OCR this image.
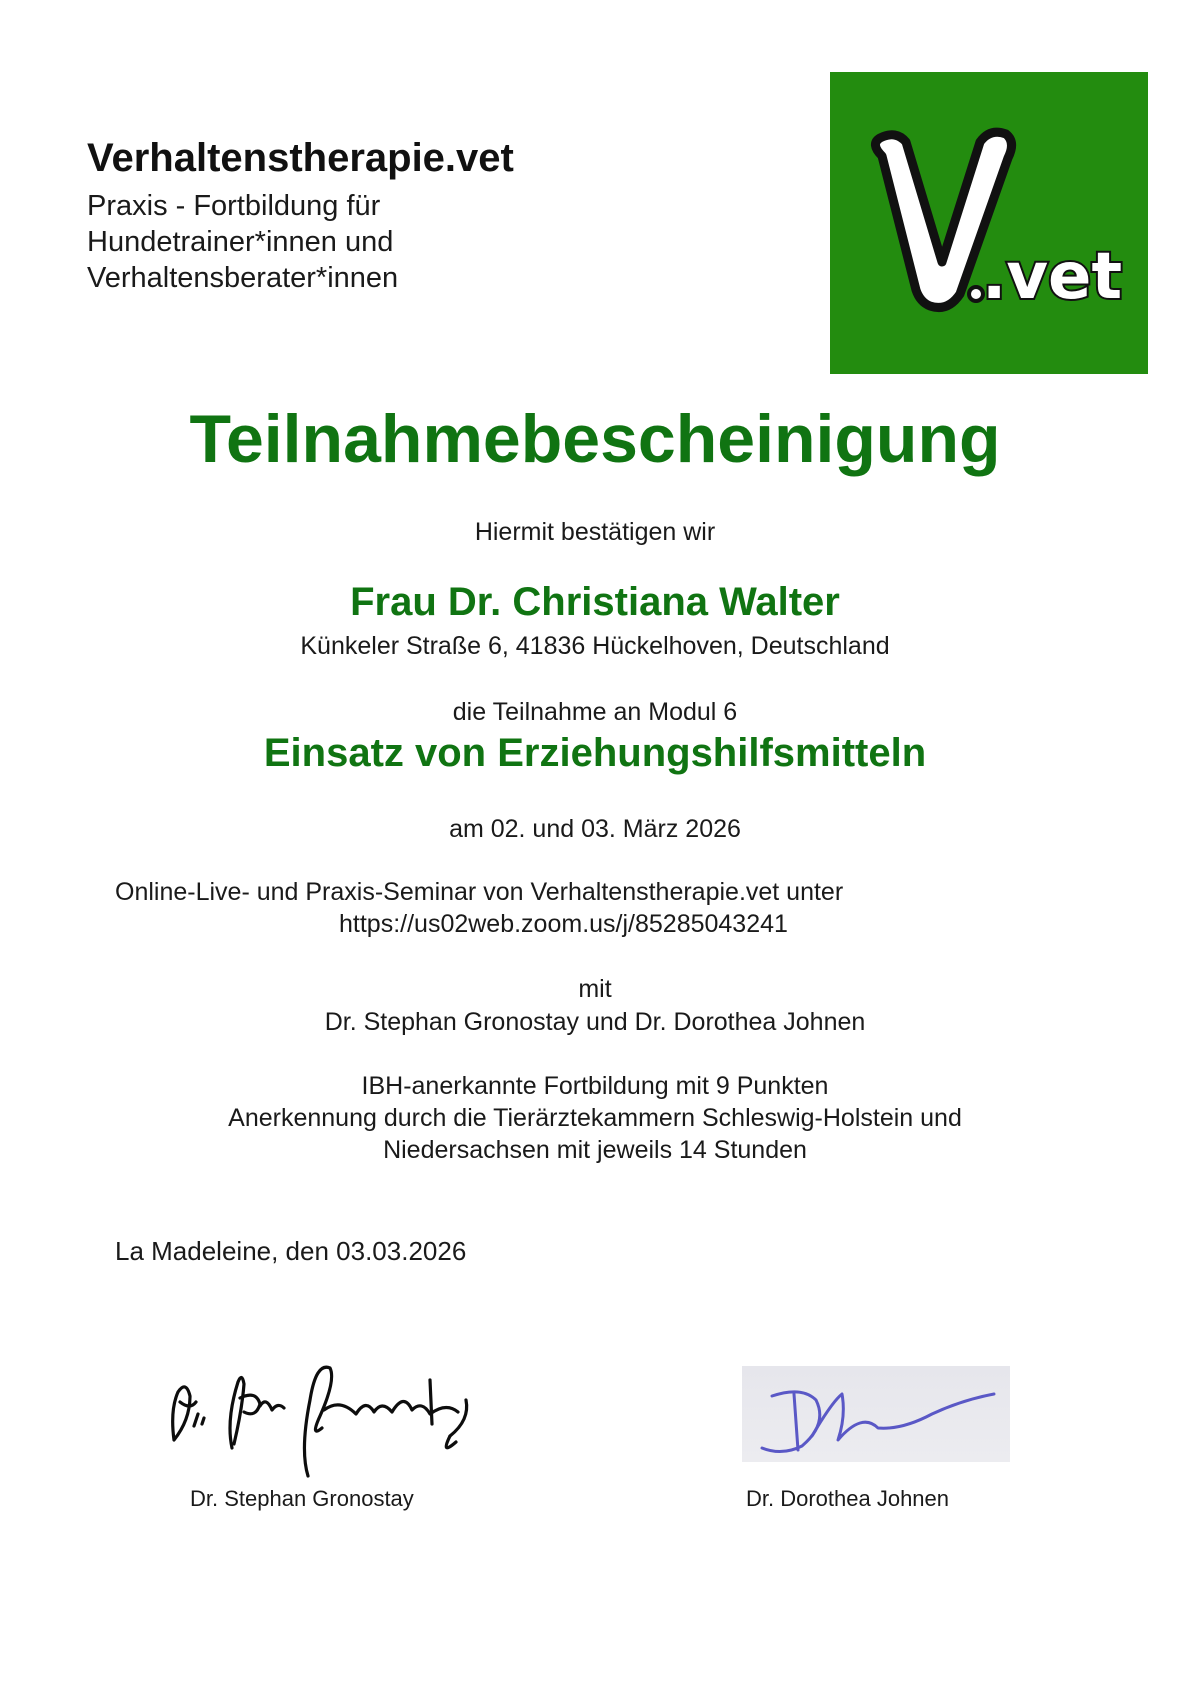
Verhaltenstherapie.vet
Praxis - Fortbildung für
Hundetrainer*innen und
Verhaltensberater*innen	.vet
Teilnahmebescheinigung
Hiermit bestätigen wir
Frau Dr. Christiana Walter
Künkeler Straße 6, 41836 Hückelhoven, Deutschland
die Teilnahme an Modul 6
Einsatz von Erziehungshilfsmitteln
am 02. und 03. März 2026
Online-Live- und Praxis-Seminar von Verhaltenstherapie.vet unter
https://us02web.zoom.us/j/85285043241
mit
Dr. Stephan Gronostay und Dr. Dorothea Johnen
IBH-anerkannte Fortbildung mit 9 Punkten
Anerkennung durch die Tierärztekammern Schleswig-Holstein und
Niedersachsen mit jeweils 14 Stunden
La Madeleine, den 03.03.2026
Dr. Stephan Gronostay	Dr. Dorothea Johnen
